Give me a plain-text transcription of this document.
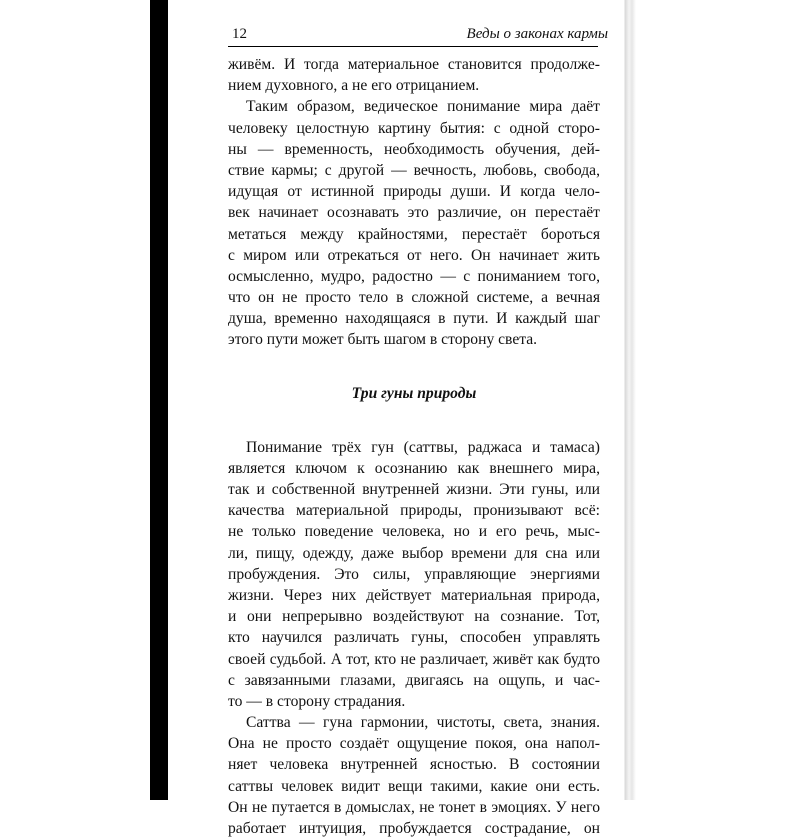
12	Веды о законах кармы
живём. И тогда материальное становится продолже-
нием духовного, а не его отрицанием.
Таким образом, ведическое понимание мира даёт
человеку целостную картину бытия: с одной сторо-
ны — временность, необходимость обучения, дей-
ствие кармы; с другой — вечность, любовь, свобода,
идущая от истинной природы души. И когда чело-
век начинает осознавать это различие, он перестаёт
метаться между крайностями, перестаёт бороться
с миром или отрекаться от него. Он начинает жить
осмысленно, мудро, радостно — с пониманием того,
что он не просто тело в сложной системе, а вечная
душа, временно находящаяся в пути. И каждый шаг
этого пути может быть шагом в сторону света.
Три гуны природы
Понимание трёх гун (саттвы, раджаса и тамаса)
является ключом к осознанию как внешнего мира,
так и собственной внутренней жизни. Эти гуны, или
качества материальной природы, пронизывают всё:
не только поведение человека, но и его речь, мыс-
ли, пищу, одежду, даже выбор времени для сна или
пробуждения. Это силы, управляющие энергиями
жизни. Через них действует материальная природа,
и они непрерывно воздействуют на сознание. Тот,
кто научился различать гуны, способен управлять
своей судьбой. А тот, кто не различает, живёт как будто
с завязанными глазами, двигаясь на ощупь, и час-
то — в сторону страдания.
Саттва — гуна гармонии, чистоты, света, знания.
Она не просто создаёт ощущение покоя, она напол-
няет человека внутренней ясностью. В состоянии
саттвы человек видит вещи такими, какие они есть.
Он не путается в домыслах, не тонет в эмоциях. У него
работает интуиция, пробуждается сострадание, он
